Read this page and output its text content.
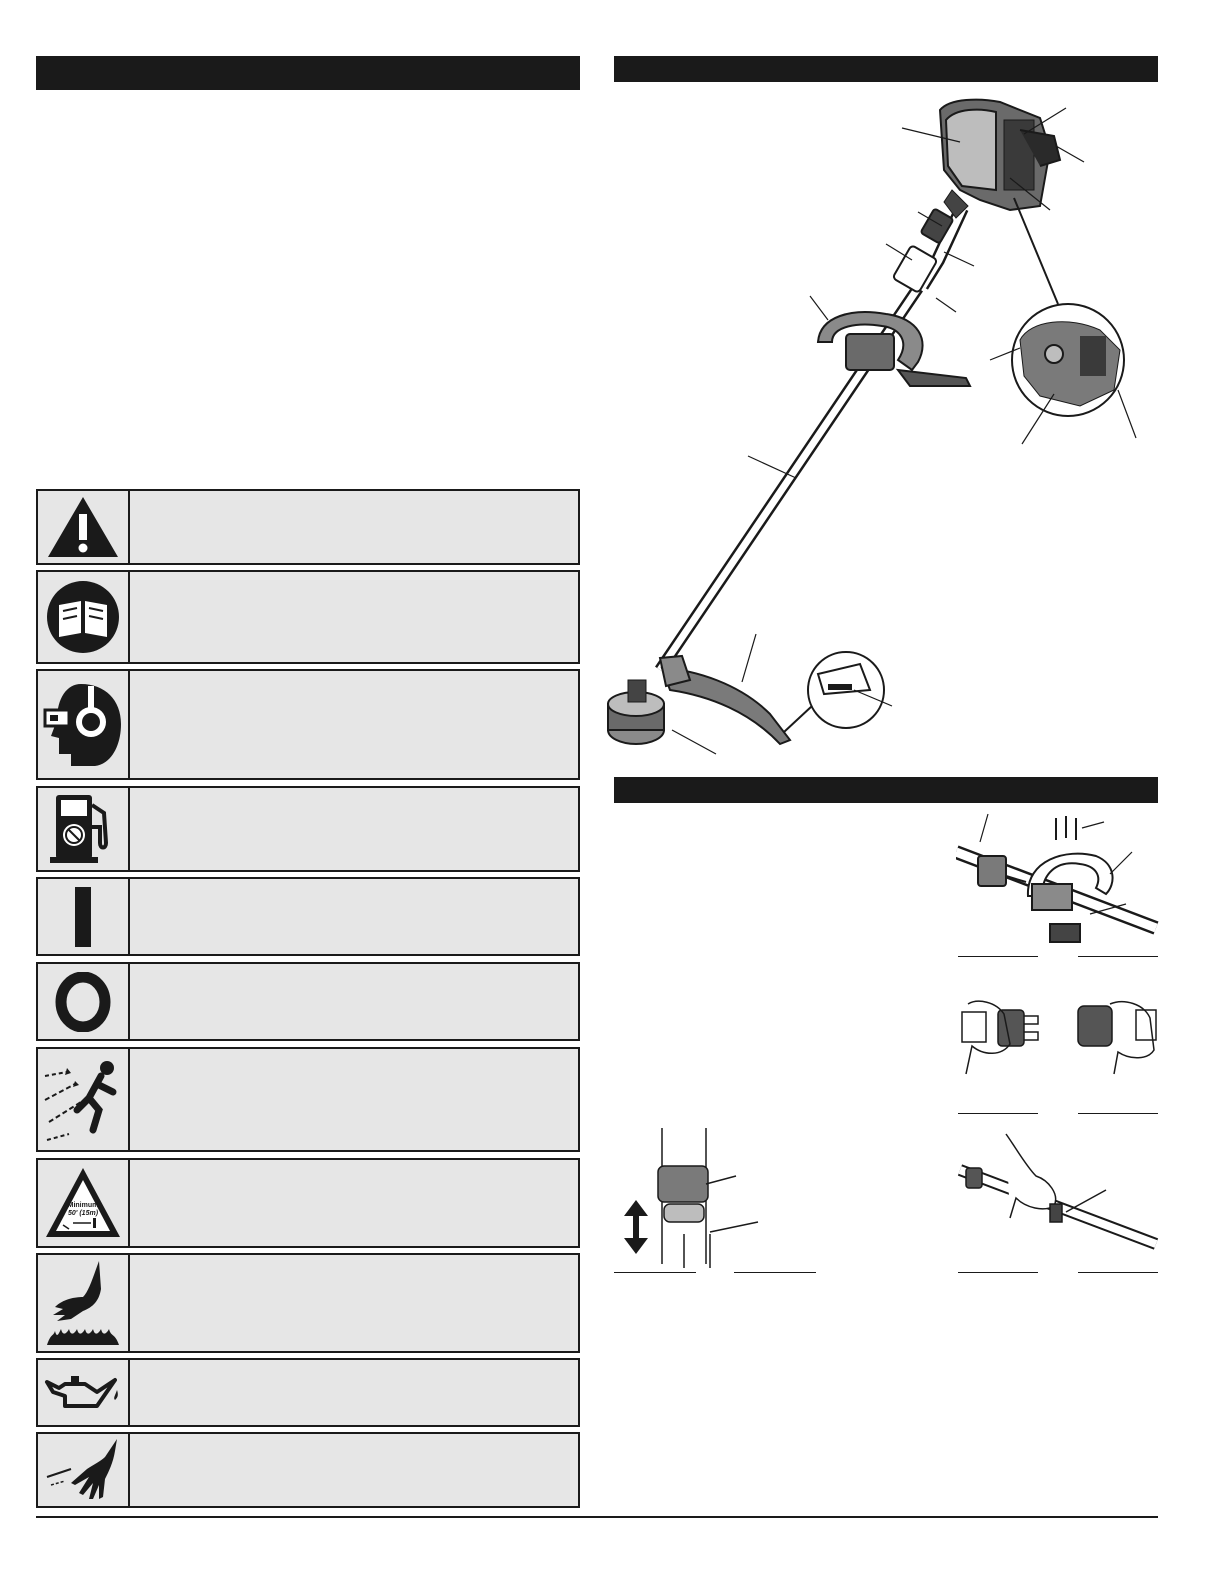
Minimum
50' (15m)
